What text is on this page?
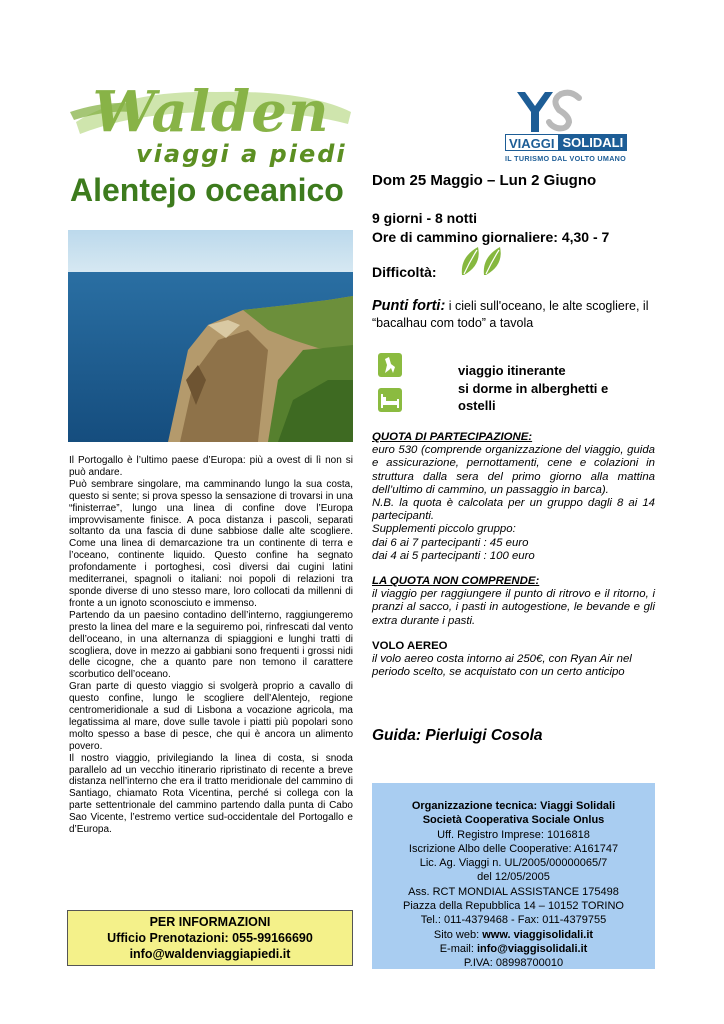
Walden
viaggi a piedi	VIAGGI SOLIDALI
IL TURISMO DAL VOLTO UMANO
Alentejo oceanico

Il Portogallo è l’ultimo paese d’Europa: più a ovest di lì non si può andare.

Può sembrare singolare, ma camminando lungo la sua costa, questo si sente; si prova spesso la sensazione di trovarsi in una “finisterrae”, lungo una linea di confine dove l’Europa improvvisamente finisce. A poca distanza i pascoli, separati soltanto da una fascia di dune sabbiose dalle alte scogliere. Come una linea di demarcazione tra un continente di terra e l’oceano, continente liquido. Questo confine ha segnato profondamente i portoghesi, così diversi dai cugini latini mediterranei, spagnoli o italiani: noi popoli di relazioni tra sponde diverse di uno stesso mare, loro collocati da millenni di fronte a un ignoto sconosciuto e immenso.

Partendo da un paesino contadino dell’interno, raggiungeremo presto la linea del mare e la seguiremo poi, rinfrescati dal vento dell’oceano, in una alternanza di spiaggioni e lunghi tratti di scogliera, dove in mezzo ai gabbiani sono frequenti i grossi nidi delle cicogne, che a quanto pare non temono il carattere scorbutico dell’oceano.

Gran parte di questo viaggio si svolgerà proprio a cavallo di questo confine, lungo le scogliere dell’Alentejo, regione centromeridionale a sud di Lisbona a vocazione agricola, ma legatissima al mare, dove sulle tavole i piatti più popolari sono molto spesso a base di pesce, che qui è ancora un alimento povero.

Il nostro viaggio, privilegiando la linea di costa, si snoda parallelo ad un vecchio itinerario ripristinato di recente a breve distanza nell’interno che era il tratto meridionale del cammino di Santiago, chiamato Rota Vicentina, perché si collega con la parte settentrionale del cammino partendo dalla punta di Cabo Sao Vicente, l’estremo vertice sud-occidentale del Portogallo e d’Europa.

PER INFORMAZIONI
Ufficio Prenotazioni: 055-99166690
info@waldenviaggiapiedi.it
Dom 25 Maggio – Lun 2 Giugno
9 giorni - 8 notti
Ore di cammino giornaliere: 4,30 - 7
Difficoltà:
Punti forti: i cieli sull'oceano, le alte scogliere, il “bacalhau com todo” a tavola
viaggio itinerante
si dorme in alberghetti e ostelli

QUOTA DI PARTECIPAZIONE:

euro 530 (comprende organizzazione del viaggio, guida e assicurazione, pernottamenti, cene e colazioni in struttura dalla sera del primo giorno alla mattina dell’ultimo di cammino, un passaggio in barca).

N.B. la quota è calcolata per un gruppo dagli 8 ai 14 partecipanti.

Supplementi piccolo gruppo:

dai 6 ai 7 partecipanti : 45 euro

dai 4 ai 5 partecipanti : 100 euro

LA QUOTA NON COMPRENDE:

il viaggio per raggiungere il punto di ritrovo e il ritorno, i pranzi al sacco, i pasti in autogestione, le bevande e gli extra durante i pasti.

VOLO AEREO

il volo aereo costa intorno ai 250€, con Ryan Air nel periodo scelto, se acquistato con un certo anticipo

Guida: Pierluigi Cosola
Organizzazione tecnica: Viaggi Solidali
Società Cooperativa Sociale Onlus
Uff. Registro Imprese: 1016818
Iscrizione Albo delle Cooperative: A161747
Lic. Ag. Viaggi n. UL/2005/00000065/7
del 12/05/2005
Ass. RCT MONDIAL ASSISTANCE 175498
Piazza della Repubblica 14 – 10152 TORINO
Tel.: 011-4379468 - Fax: 011-4379755
Sito web: www. viaggisolidali.it
E-mail: info@viaggisolidali.it
P.IVA: 08998700010
